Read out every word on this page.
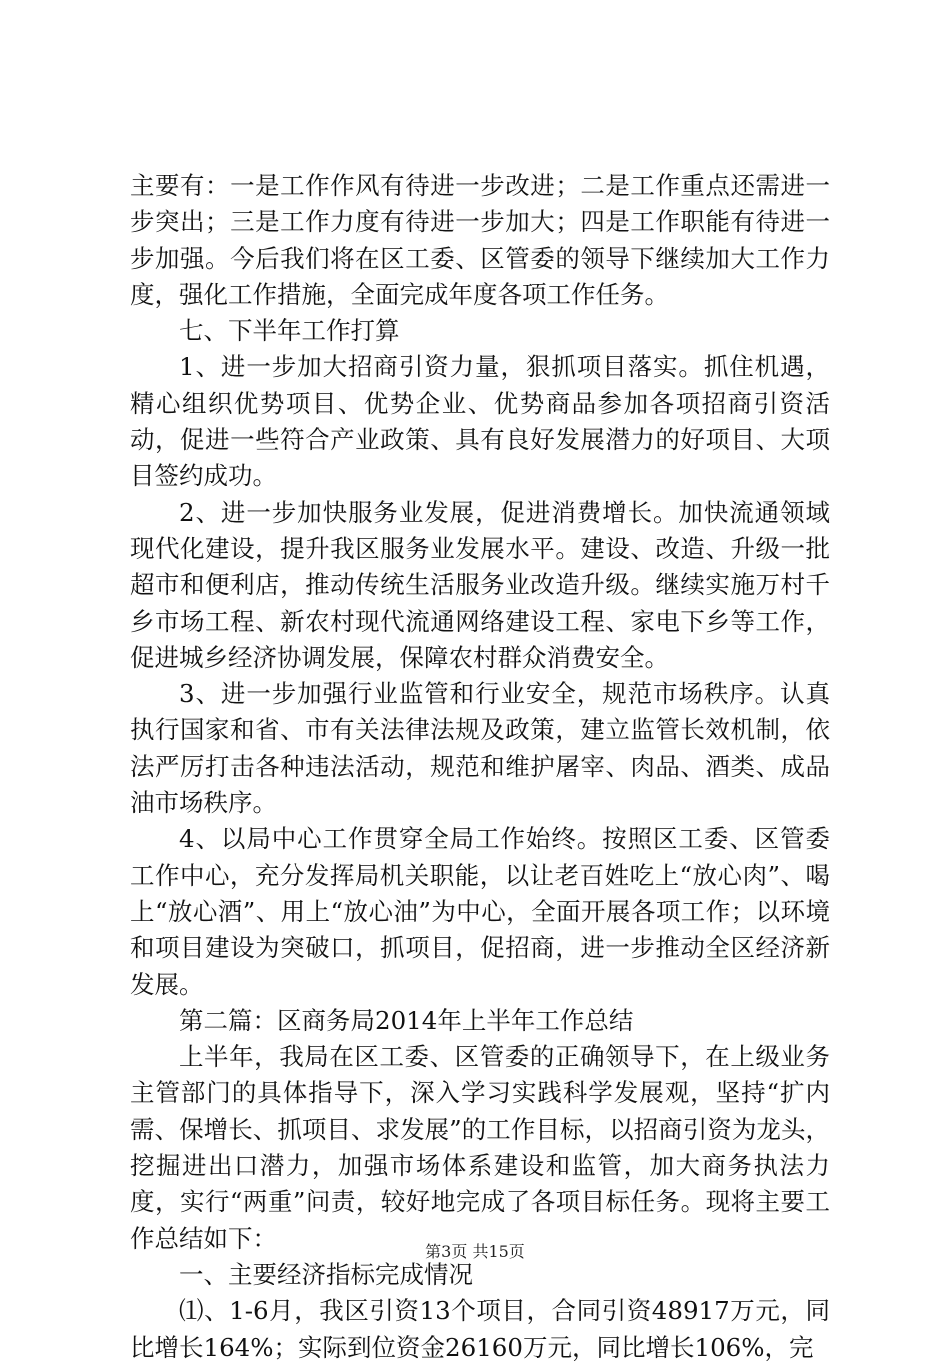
主要有：一是工作作风有待进一步改进；二是工作重点还需进一步突出；三是工作力度有待进一步加大；四是工作职能有待进一步加强。今后我们将在区工委、区管委的领导下继续加大工作力度，强化工作措施，全面完成年度各项工作任务。

七、下半年工作打算

1、进一步加大招商引资力量，狠抓项目落实。抓住机遇，精心组织优势项目、优势企业、优势商品参加各项招商引资活动，促进一些符合产业政策、具有良好发展潜力的好项目、大项目签约成功。

2、进一步加快服务业发展，促进消费增长。加快流通领域现代化建设，提升我区服务业发展水平。建设、改造、升级一批超市和便利店，推动传统生活服务业改造升级。继续实施万村千乡市场工程、新农村现代流通网络建设工程、家电下乡等工作，促进城乡经济协调发展，保障农村群众消费安全。

3、进一步加强行业监管和行业安全，规范市场秩序。认真执行国家和省、市有关法律法规及政策，建立监管长效机制，依法严厉打击各种违法活动，规范和维护屠宰、肉品、酒类、成品油市场秩序。

4、以局中心工作贯穿全局工作始终。按照区工委、区管委工作中心，充分发挥局机关职能，以让老百姓吃上“放心肉”、喝上“放心酒”、用上“放心油”为中心，全面开展各项工作；以环境和项目建设为突破口，抓项目，促招商，进一步推动全区经济新发展。

第二篇：区商务局2014年上半年工作总结

上半年，我局在区工委、区管委的正确领导下，在上级业务主管部门的具体指导下，深入学习实践科学发展观，坚持“扩内需、保增长、抓项目、求发展”的工作目标，以招商引资为龙头，挖掘进出口潜力，加强市场体系建设和监管，加大商务执法力度，实行“两重”问责，较好地完成了各项目标任务。现将主要工作总结如下：

一、主要经济指标完成情况

⑴、1-6月，我区引资13个项目，合同引资48917万元，同比增长164%；实际到位资金26160万元，同比增长106%，完

第3页 共15页
